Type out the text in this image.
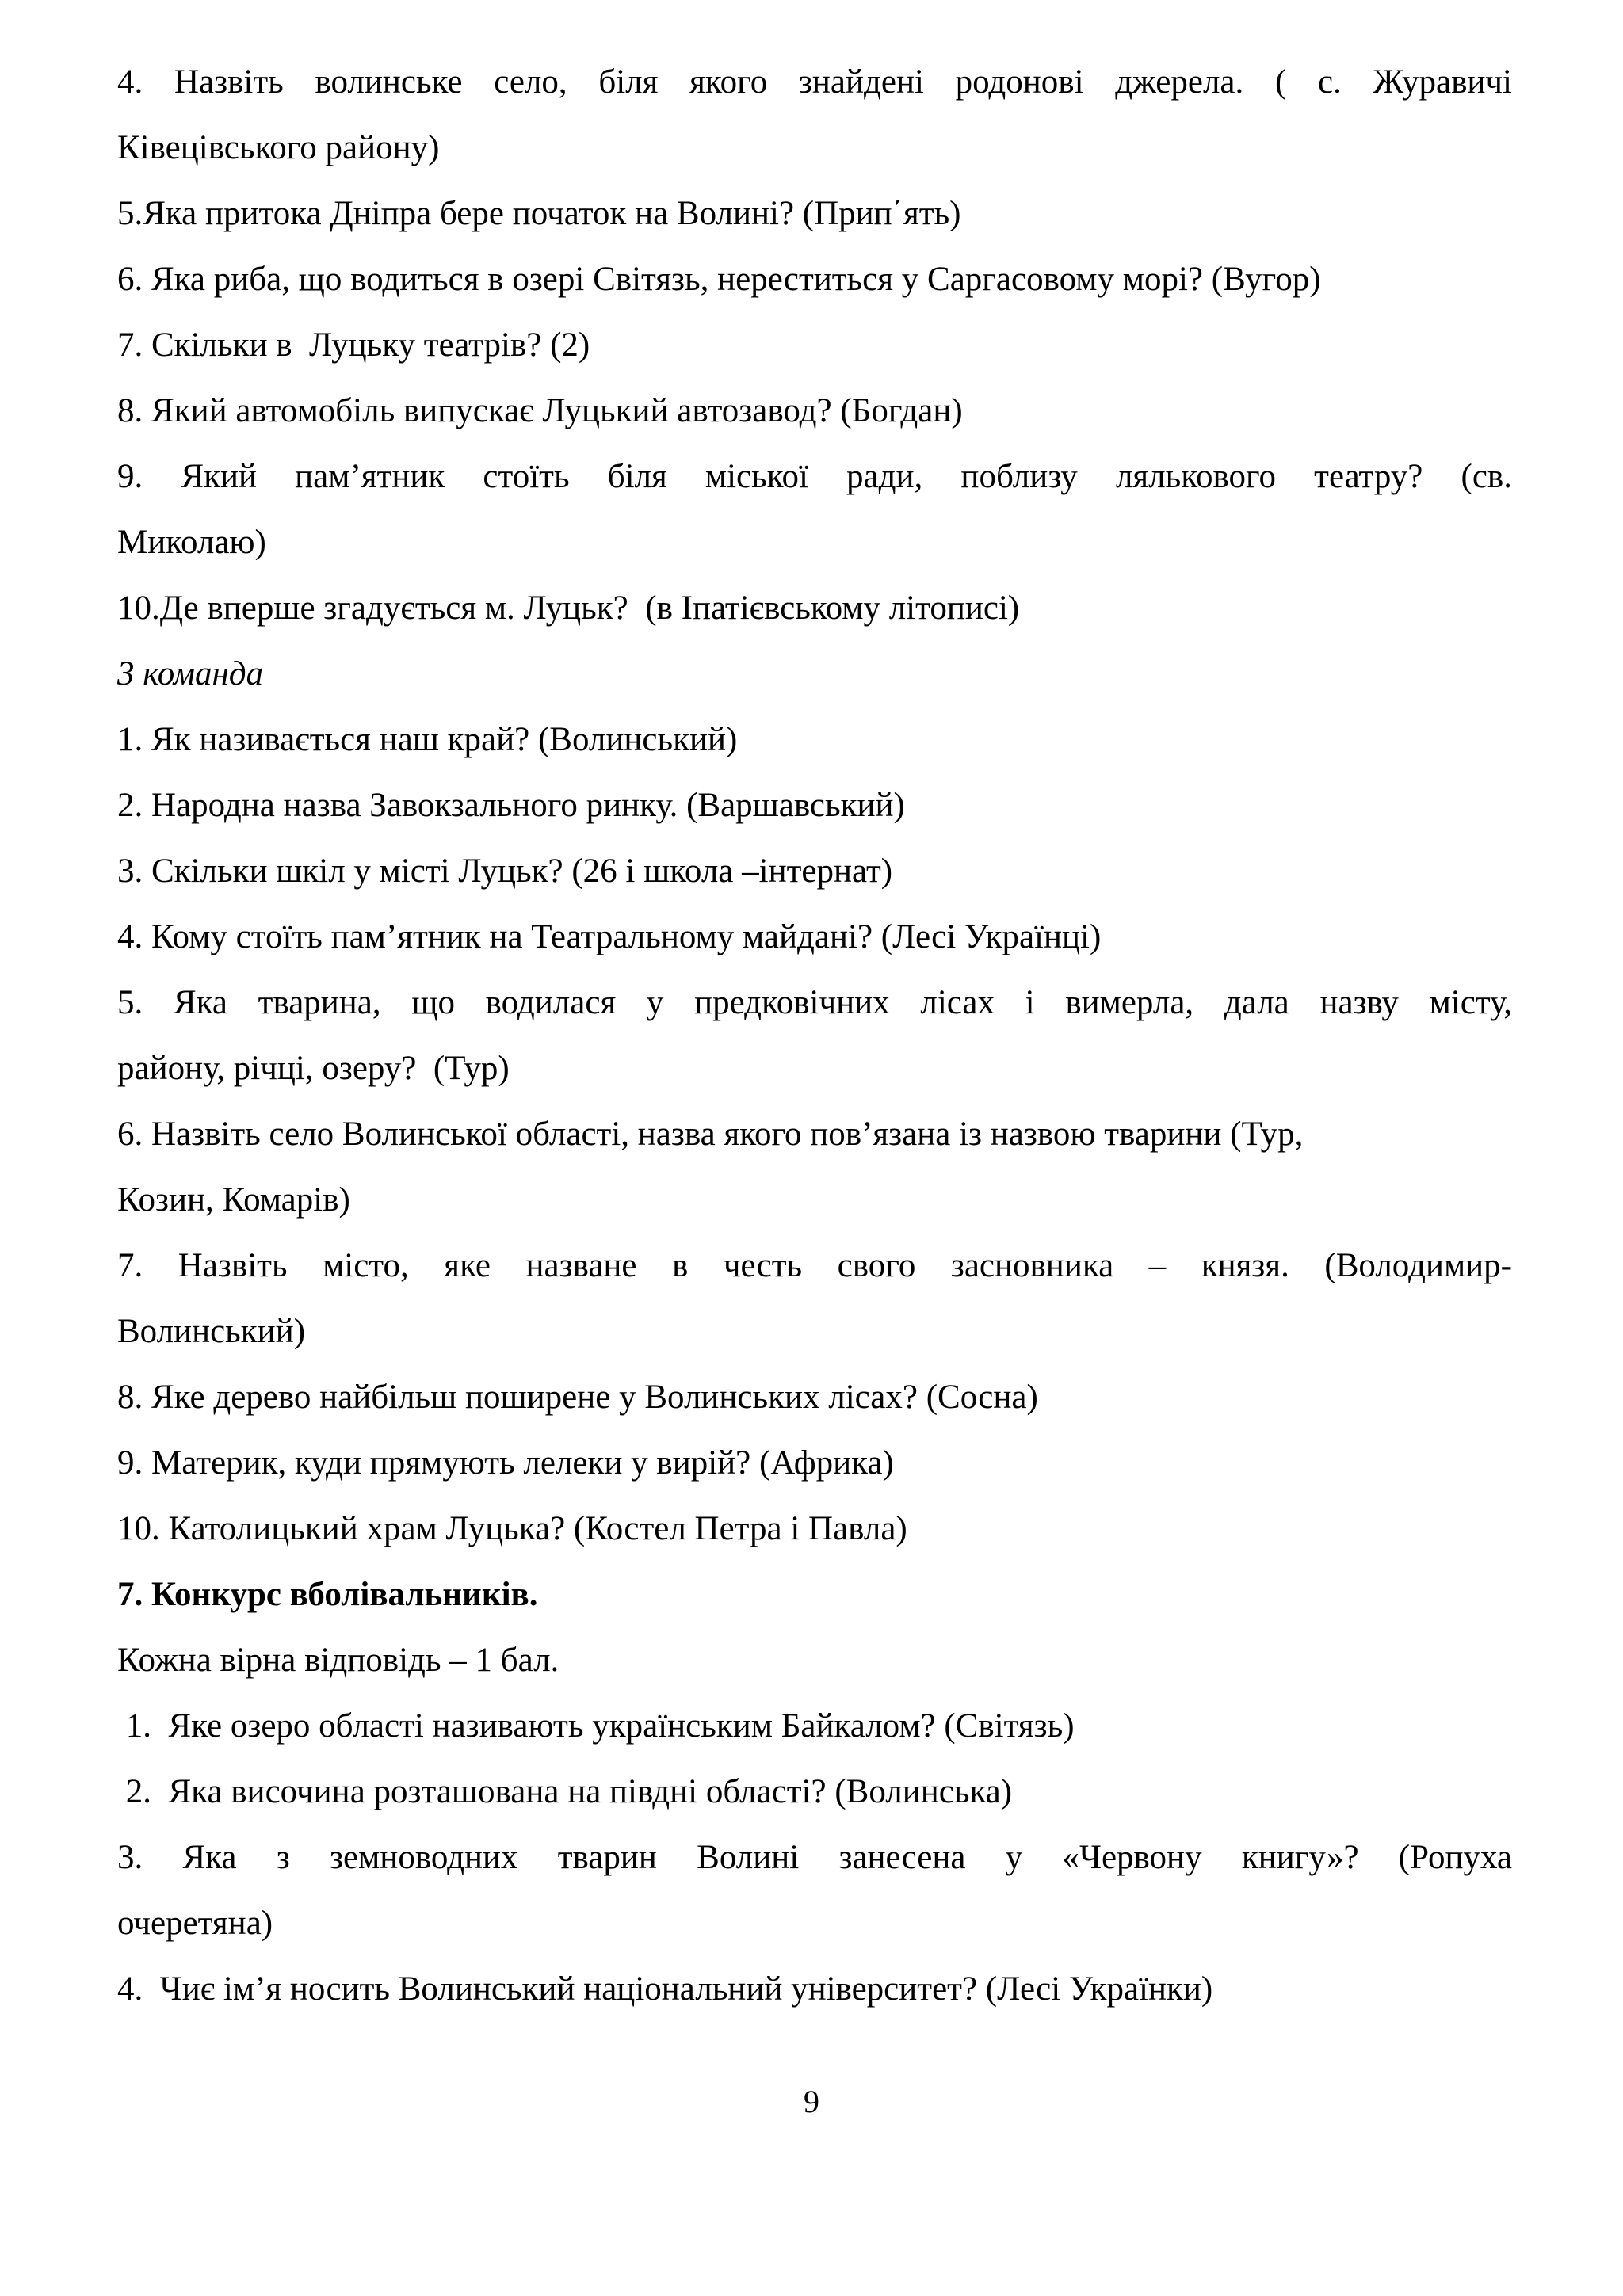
4. Назвіть волинське село, біля якого знайдені родонові джерела. ( с. Журавичі
Ківецівського району)
5.Яка притока Дніпра бере початок на Волині? (Прип΄ять)
6. Яка риба, що водиться в озері Світязь, нереститься у Саргасовому морі? (Вугор)
7. Скільки в  Луцьку театрів? (2)
8. Який автомобіль випускає Луцький автозавод? (Богдан)
9. Який пам’ятник стоїть біля міської ради, поблизу лялькового театру? (св.
Миколаю)
10.Де вперше згадується м. Луцьк?  (в Іпатієвському літописі)
3 команда
1. Як називається наш край? (Волинський)
2. Народна назва Завокзального ринку. (Варшавський)
3. Скільки шкіл у місті Луцьк? (26 і школа –інтернат)
4. Кому стоїть пам’ятник на Театральному майдані? (Лесі Українці)
5. Яка тварина, що водилася у предковічних лісах і вимерла, дала назву місту,
району, річці, озеру?  (Тур)
6. Назвіть село Волинської області, назва якого пов’язана із назвою тварини (Тур,
Козин, Комарів)
7. Назвіть місто, яке назване в честь свого засновника – князя. (Володимир-
Волинський)
8. Яке дерево найбільш поширене у Волинських лісах? (Сосна)
9. Материк, куди прямують лелеки у вирій? (Африка)
10. Католицький храм Луцька? (Костел Петра і Павла)
7. Конкурс вболівальників.
Кожна вірна відповідь – 1 бал.
1.  Яке озеро області називають українським Байкалом? (Світязь)
2.  Яка височина розташована на півдні області? (Волинська)
3. Яка з земноводних тварин Волині занесена у «Червону книгу»? (Ропуха
очеретяна)
4.  Чиє ім’я носить Волинський національний університет? (Лесі Українки)
9
